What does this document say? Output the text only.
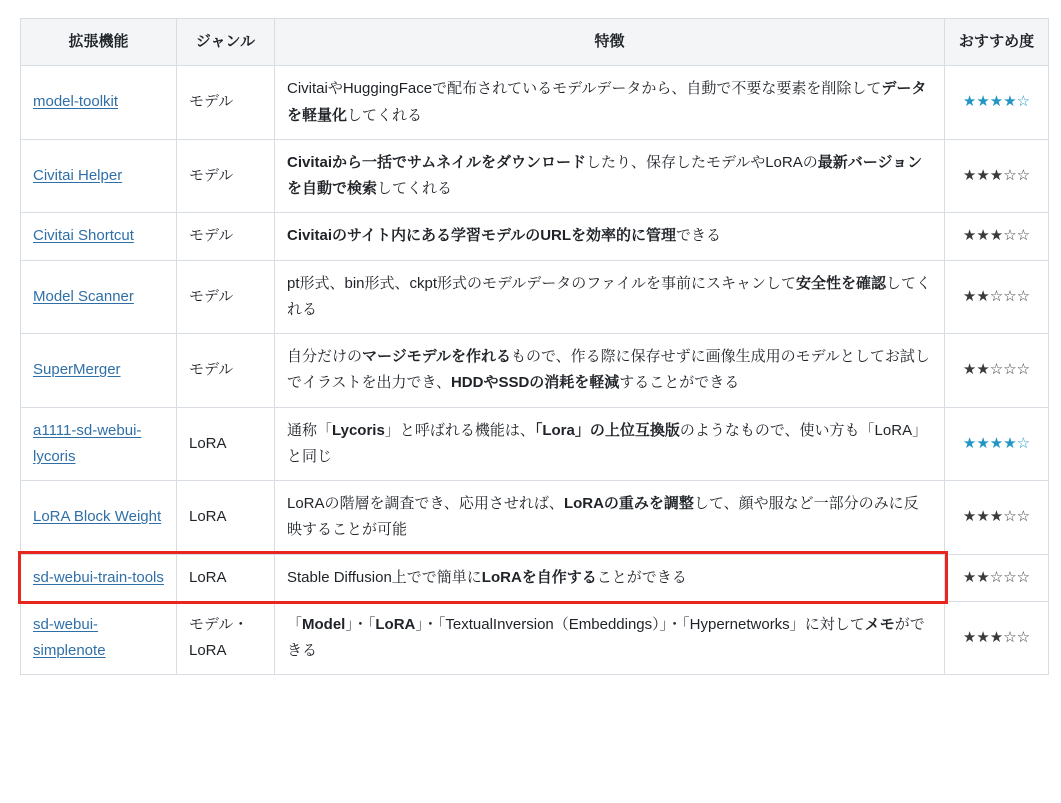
拡張機能	ジャンル	特徴	おすすめ度
model-toolkit	モデル	CivitaiやHuggingFaceで配布されているモデルデータから、自動で不要な要素を削除してデータを軽量化してくれる	★★★★☆
Civitai Helper	モデル	Civitaiから一括でサムネイルをダウンロードしたり、保存したモデルやLoRAの最新バージョンを自動で検索してくれる	★★★☆☆
Civitai Shortcut	モデル	Civitaiのサイト内にある学習モデルのURLを効率的に管理できる	★★★☆☆
Model Scanner	モデル	pt形式、bin形式、ckpt形式のモデルデータのファイルを事前にスキャンして安全性を確認してくれる	★★☆☆☆
SuperMerger	モデル	自分だけのマージモデルを作れるもので、作る際に保存せずに画像生成用のモデルとしてお試しでイラストを出力でき、HDDやSSDの消耗を軽減することができる	★★☆☆☆
a1111-sd-webui-lycoris	LoRA	通称「Lycoris」と呼ばれる機能は、「Lora」の上位互換版のようなもので、使い方も「LoRA」と同じ	★★★★☆
LoRA Block Weight	LoRA	LoRAの階層を調査でき、応用させれば、LoRAの重みを調整して、顔や服など一部分のみに反映することが可能	★★★☆☆
sd-webui-train-tools	LoRA	Stable Diffusion上でで簡単にLoRAを自作することができる	★★☆☆☆
sd-webui-simplenote	モデル・LoRA	「Model」・「LoRA」・「TextualInversion（Embeddings）」・「Hypernetworks」に対してメモができる	★★★☆☆
